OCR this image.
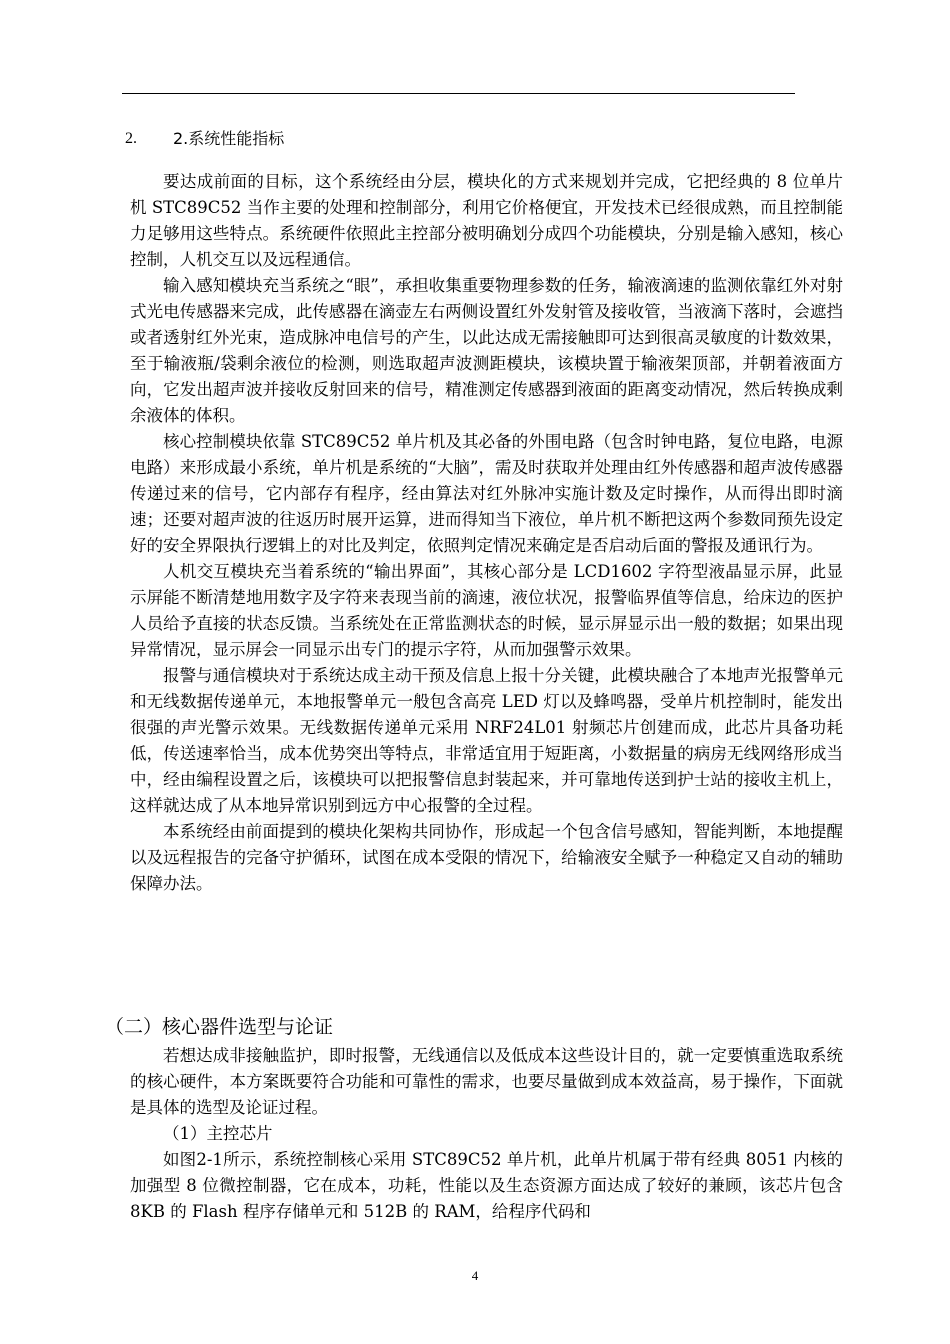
2. 2.系统性能指标

要达成前面的目标，这个系统经由分层，模块化的方式来规划并完成，它把经典的 8 位单片机 STC89C52 当作主要的处理和控制部分，利用它价格便宜，开发技术已经很成熟，而且控制能力足够用这些特点。系统硬件依照此主控部分被明确划分成四个功能模块，分别是输入感知，核心控制，人机交互以及远程通信。

输入感知模块充当系统之“眼”，承担收集重要物理参数的任务，输液滴速的监测依靠红外对射式光电传感器来完成，此传感器在滴壶左右两侧设置红外发射管及接收管，当液滴下落时，会遮挡或者透射红外光束，造成脉冲电信号的产生，以此达成无需接触即可达到很高灵敏度的计数效果，至于输液瓶/袋剩余液位的检测，则选取超声波测距模块，该模块置于输液架顶部，并朝着液面方向，它发出超声波并接收反射回来的信号，精准测定传感器到液面的距离变动情况，然后转换成剩余液体的体积。

核心控制模块依靠 STC89C52 单片机及其必备的外围电路（包含时钟电路，复位电路，电源电路）来形成最小系统，单片机是系统的“大脑”，需及时获取并处理由红外传感器和超声波传感器传递过来的信号，它内部存有程序，经由算法对红外脉冲实施计数及定时操作，从而得出即时滴速；还要对超声波的往返历时展开运算，进而得知当下液位，单片机不断把这两个参数同预先设定好的安全界限执行逻辑上的对比及判定，依照判定情况来确定是否启动后面的警报及通讯行为。

人机交互模块充当着系统的“输出界面”，其核心部分是 LCD1602 字符型液晶显示屏，此显示屏能不断清楚地用数字及字符来表现当前的滴速，液位状况，报警临界值等信息，给床边的医护人员给予直接的状态反馈。当系统处在正常监测状态的时候，显示屏显示出一般的数据；如果出现异常情况，显示屏会一同显示出专门的提示字符，从而加强警示效果。

报警与通信模块对于系统达成主动干预及信息上报十分关键，此模块融合了本地声光报警单元和无线数据传递单元，本地报警单元一般包含高亮 LED 灯以及蜂鸣器，受单片机控制时，能发出很强的声光警示效果。无线数据传递单元采用 NRF24L01 射频芯片创建而成，此芯片具备功耗低，传送速率恰当，成本优势突出等特点，非常适宜用于短距离，小数据量的病房无线网络形成当中，经由编程设置之后，该模块可以把报警信息封装起来，并可靠地传送到护士站的接收主机上，这样就达成了从本地异常识别到远方中心报警的全过程。

本系统经由前面提到的模块化架构共同协作，形成起一个包含信号感知，智能判断，本地提醒以及远程报告的完备守护循环，试图在成本受限的情况下，给输液安全赋予一种稳定又自动的辅助保障办法。

（二）核心器件选型与论证

若想达成非接触监护，即时报警，无线通信以及低成本这些设计目的，就一定要慎重选取系统的核心硬件，本方案既要符合功能和可靠性的需求，也要尽量做到成本效益高，易于操作，下面就是具体的选型及论证过程。

（1）主控芯片

如图2-1所示，系统控制核心采用 STC89C52 单片机，此单片机属于带有经典 8051 内核的加强型 8 位微控制器，它在成本，功耗，性能以及生态资源方面达成了较好的兼顾，该芯片包含 8KB 的 Flash 程序存储单元和 512B 的 RAM，给程序代码和

4
